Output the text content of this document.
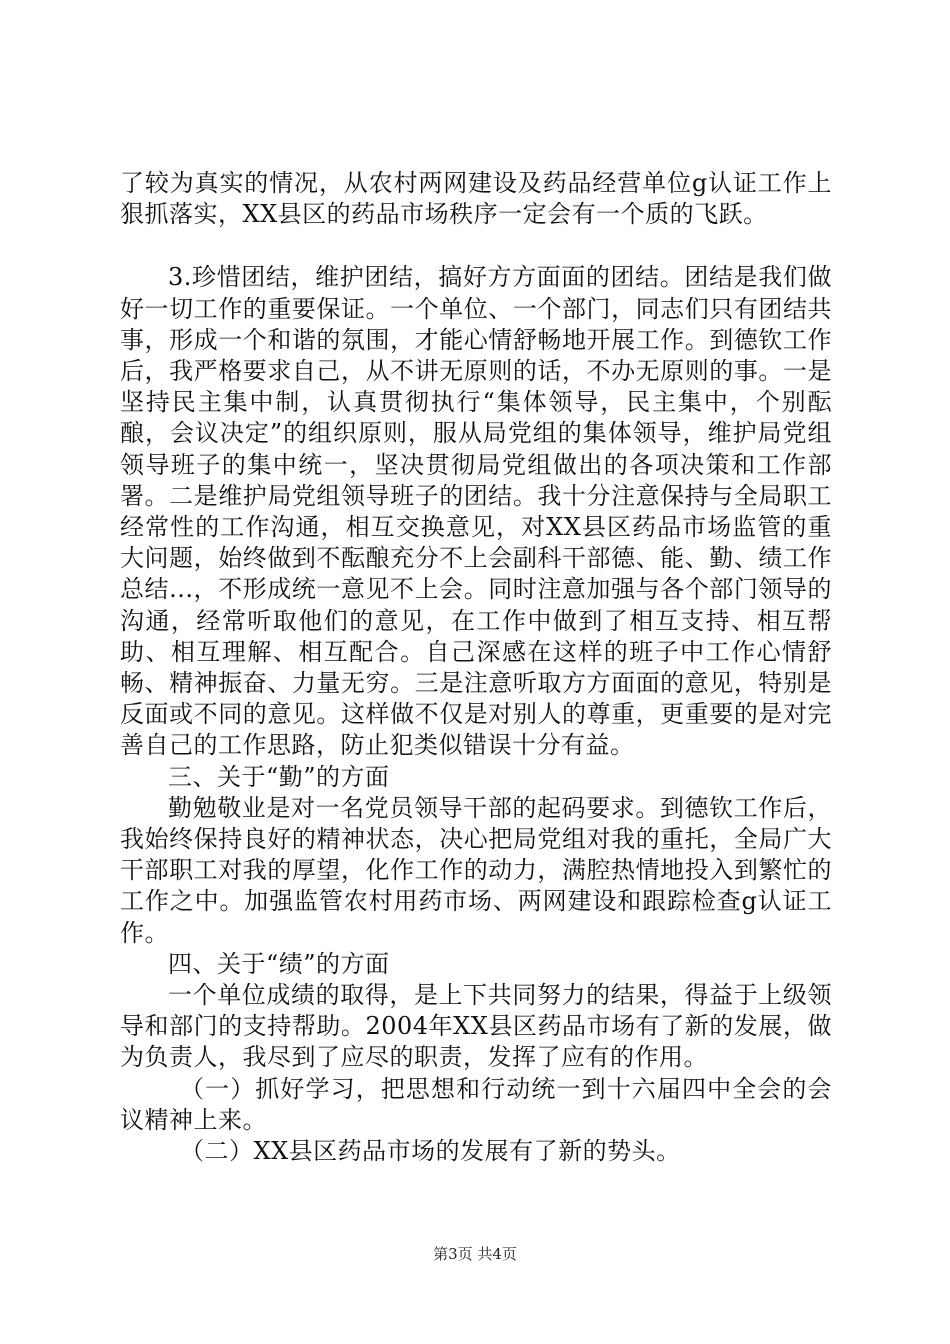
了较为真实的情况，从农村两网建设及药品经营单位g认证工作上狠抓落实，XX县区的药品市场秩序一定会有一个质的飞跃。

3.珍惜团结，维护团结，搞好方方面面的团结。团结是我们做好一切工作的重要保证。一个单位、一个部门，同志们只有团结共事，形成一个和谐的氛围，才能心情舒畅地开展工作。到德钦工作后，我严格要求自己，从不讲无原则的话，不办无原则的事。一是坚持民主集中制，认真贯彻执行“集体领导，民主集中，个别酝酿，会议决定”的组织原则，服从局党组的集体领导，维护局党组领导班子的集中统一，坚决贯彻局党组做出的各项决策和工作部署。二是维护局党组领导班子的团结。我十分注意保持与全局职工经常性的工作沟通，相互交换意见，对XX县区药品市场监管的重大问题，始终做到不酝酿充分不上会副科干部德、能、勤、绩工作总结...，不形成统一意见不上会。同时注意加强与各个部门领导的沟通，经常听取他们的意见，在工作中做到了相互支持、相互帮助、相互理解、相互配合。自己深感在这样的班子中工作心情舒畅、精神振奋、力量无穷。三是注意听取方方面面的意见，特别是反面或不同的意见。这样做不仅是对别人的尊重，更重要的是对完善自己的工作思路，防止犯类似错误十分有益。

三、关于“勤”的方面

勤勉敬业是对一名党员领导干部的起码要求。到德钦工作后，我始终保持良好的精神状态，决心把局党组对我的重托，全局广大干部职工对我的厚望，化作工作的动力，满腔热情地投入到繁忙的工作之中。加强监管农村用药市场、两网建设和跟踪检查g认证工作。

四、关于“绩”的方面

一个单位成绩的取得，是上下共同努力的结果，得益于上级领导和部门的支持帮助。2004年XX县区药品市场有了新的发展，做为负责人，我尽到了应尽的职责，发挥了应有的作用。

（一）抓好学习，把思想和行动统一到十六届四中全会的会议精神上来。

（二）XX县区药品市场的发展有了新的势头。

第3页 共4页
